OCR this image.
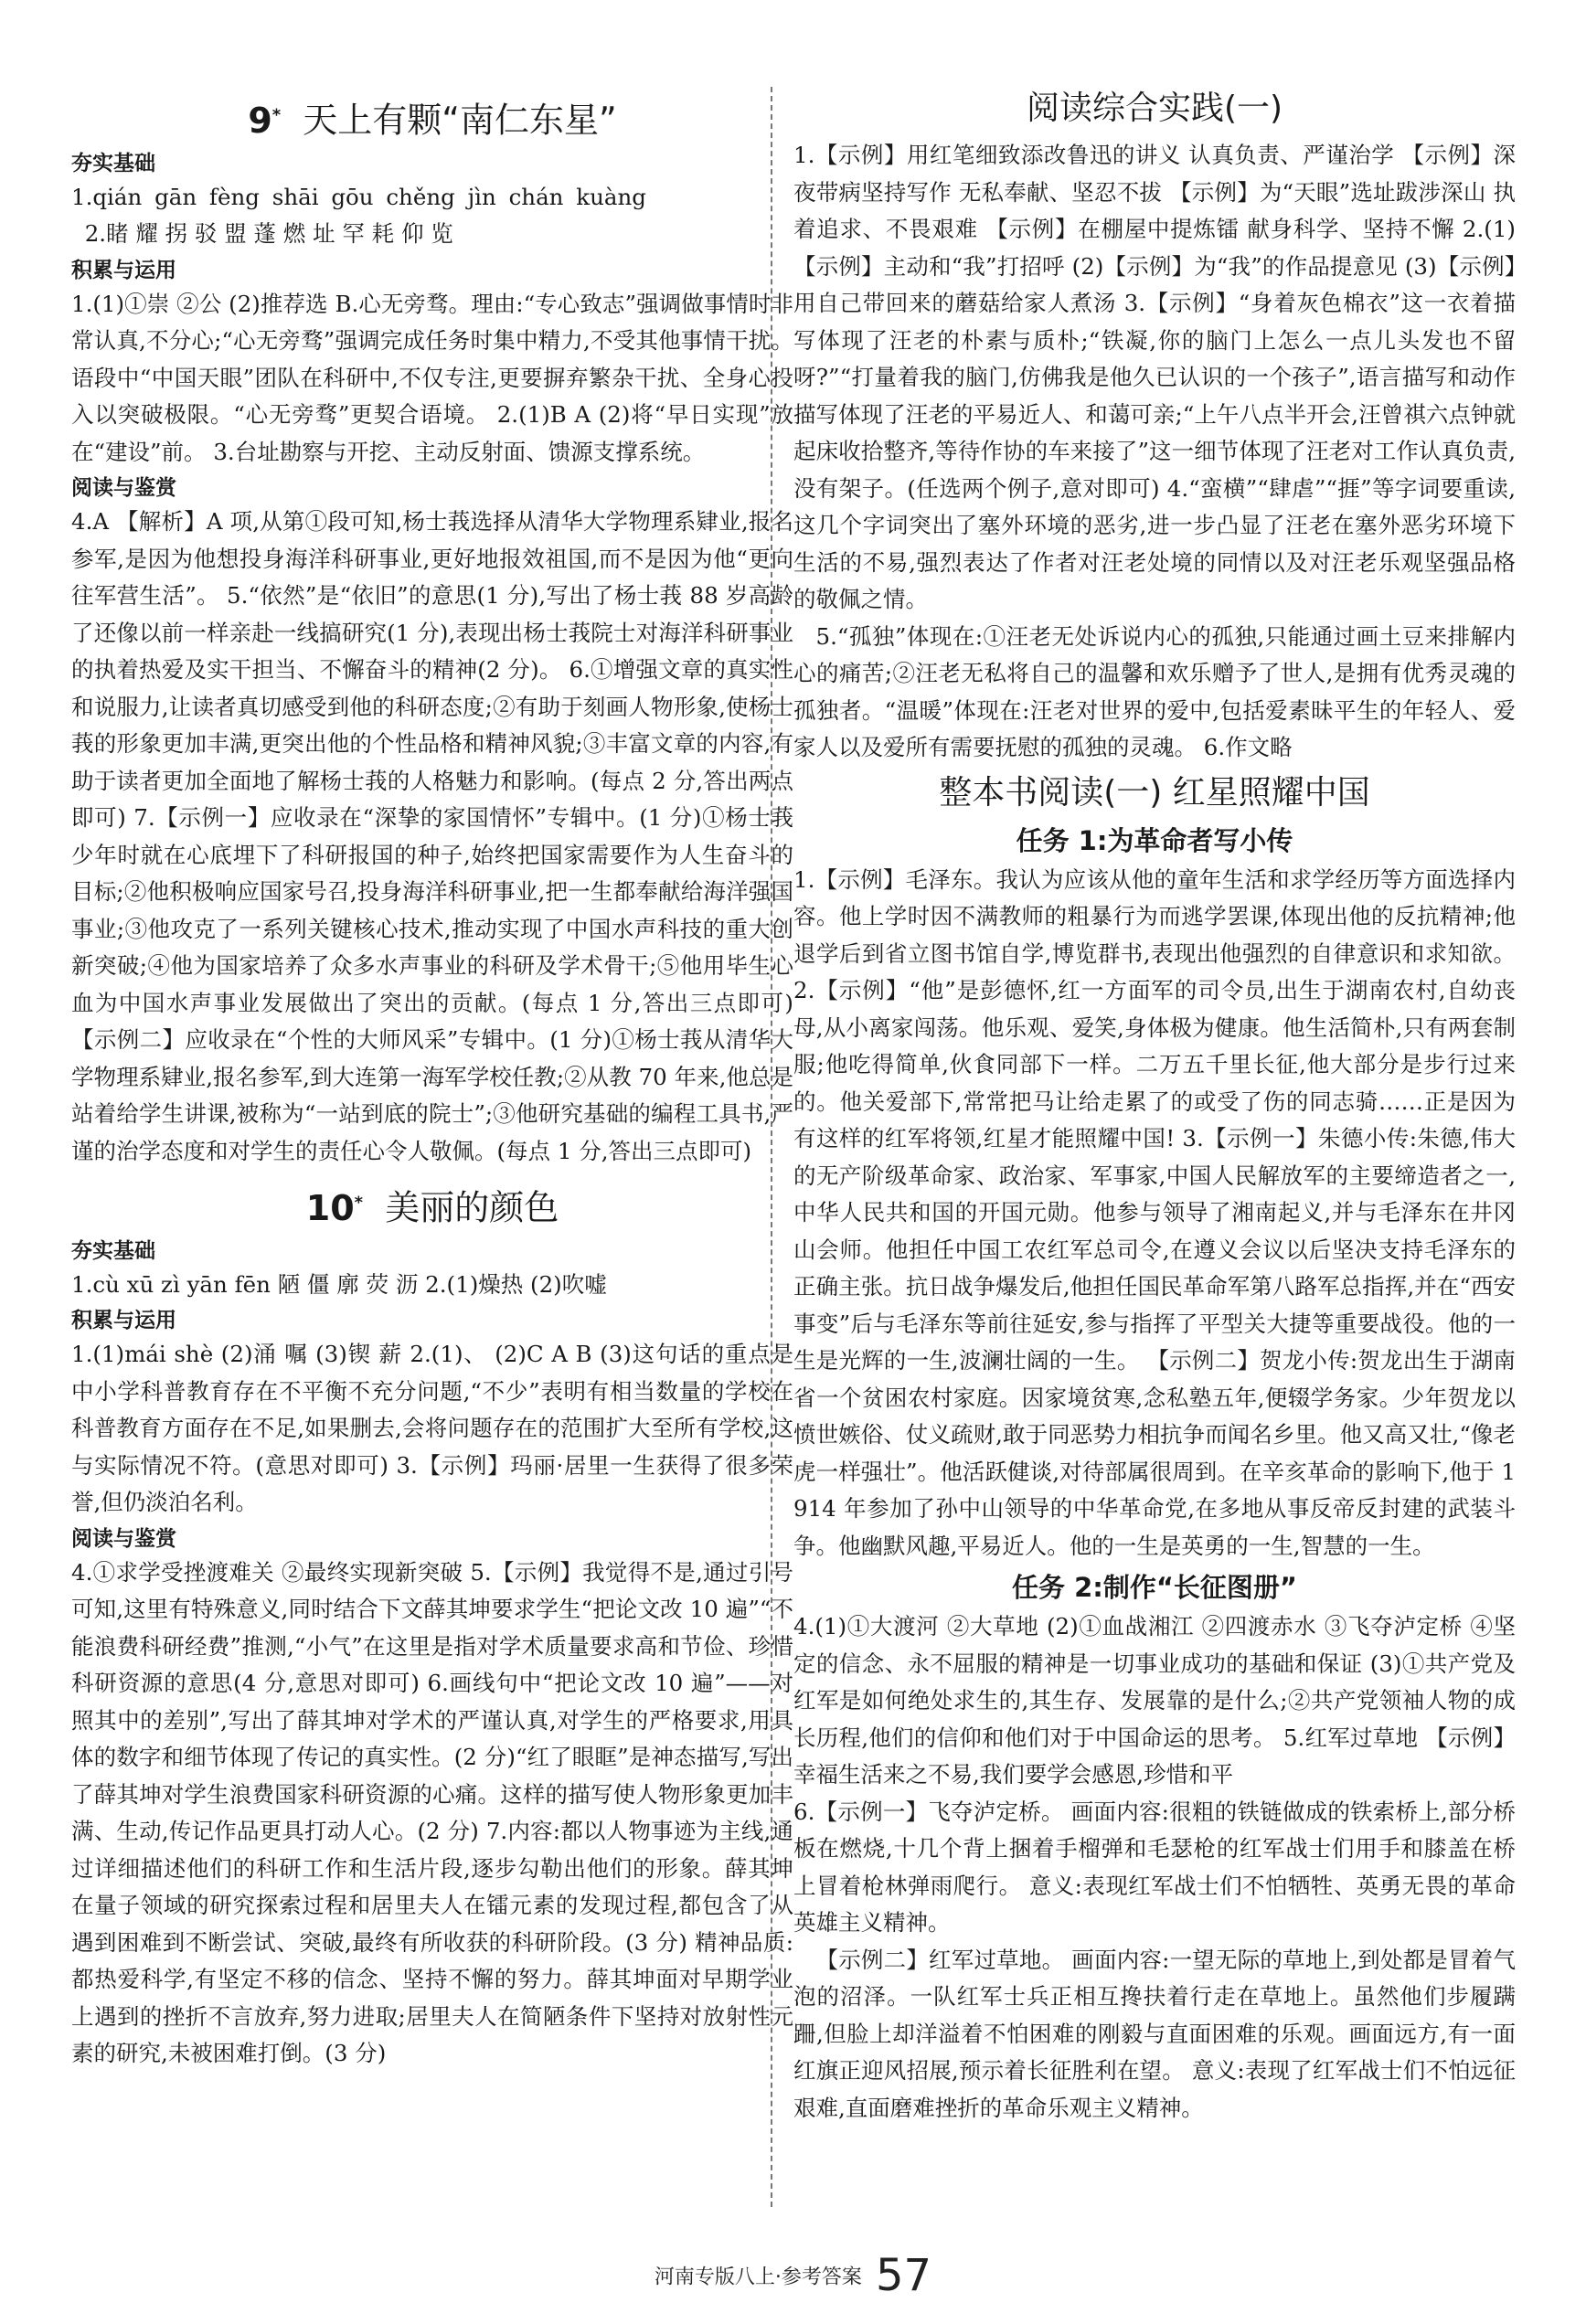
9* 天上有颗“南仁东星”
夯实基础

1.qián gān fèng shāi gōu chěng jìn chán kuàng

2.睹 耀 拐 驳 盟 蓬 燃 址 罕 耗 仰 览

积累与运用

1.(1)①崇 ②公 (2)推荐选 B.心无旁骛。理由:“专心致志”强调做事情时非常认真,不分心;“心无旁骛”强调完成任务时集中精力,不受其他事情干扰。语段中“中国天眼”团队在科研中,不仅专注,更要摒弃繁杂干扰、全身心投入以突破极限。“心无旁骛”更契合语境。 2.(1)B A (2)将“早日实现”放在“建设”前。 3.台址勘察与开挖、主动反射面、馈源支撑系统。

阅读与鉴赏

4.A 【解析】A 项,从第①段可知,杨士莪选择从清华大学物理系肄业,报名参军,是因为他想投身海洋科研事业,更好地报效祖国,而不是因为他“更向往军营生活”。 5.“依然”是“依旧”的意思(1 分),写出了杨士莪 88 岁高龄了还像以前一样亲赴一线搞研究(1 分),表现出杨士莪院士对海洋科研事业的执着热爱及实干担当、不懈奋斗的精神(2 分)。 6.①增强文章的真实性和说服力,让读者真切感受到他的科研态度;②有助于刻画人物形象,使杨士莪的形象更加丰满,更突出他的个性品格和精神风貌;③丰富文章的内容,有助于读者更加全面地了解杨士莪的人格魅力和影响。(每点 2 分,答出两点即可) 7.【示例一】应收录在“深挚的家国情怀”专辑中。(1 分)①杨士莪少年时就在心底埋下了科研报国的种子,始终把国家需要作为人生奋斗的目标;②他积极响应国家号召,投身海洋科研事业,把一生都奉献给海洋强国事业;③他攻克了一系列关键核心技术,推动实现了中国水声科技的重大创新突破;④他为国家培养了众多水声事业的科研及学术骨干;⑤他用毕生心血为中国水声事业发展做出了突出的贡献。(每点 1 分,答出三点即可) 【示例二】应收录在“个性的大师风采”专辑中。(1 分)①杨士莪从清华大学物理系肄业,报名参军,到大连第一海军学校任教;②从教 70 年来,他总是站着给学生讲课,被称为“一站到底的院士”;③他研究基础的编程工具书,严谨的治学态度和对学生的责任心令人敬佩。(每点 1 分,答出三点即可)

10* 美丽的颜色
夯实基础

1.cù xū zì yān fēn 陋 僵 廓 荧 沥 2.(1)燥热 (2)吹嘘

积累与运用

1.(1)mái shè (2)涌 嘱 (3)锲 薪 2.(1)、 (2)C A B (3)这句话的重点是中小学科普教育存在不平衡不充分问题,“不少”表明有相当数量的学校在科普教育方面存在不足,如果删去,会将问题存在的范围扩大至所有学校,这与实际情况不符。(意思对即可) 3.【示例】玛丽·居里一生获得了很多荣誉,但仍淡泊名利。

阅读与鉴赏

4.①求学受挫渡难关 ②最终实现新突破 5.【示例】我觉得不是,通过引号可知,这里有特殊意义,同时结合下文薛其坤要求学生“把论文改 10 遍”“不能浪费科研经费”推测,“小气”在这里是指对学术质量要求高和节俭、珍惜科研资源的意思(4 分,意思对即可) 6.画线句中“把论文改 10 遍”——对照其中的差别”,写出了薛其坤对学术的严谨认真,对学生的严格要求,用具体的数字和细节体现了传记的真实性。(2 分)“红了眼眶”是神态描写,写出了薛其坤对学生浪费国家科研资源的心痛。这样的描写使人物形象更加丰满、生动,传记作品更具打动人心。(2 分) 7.内容:都以人物事迹为主线,通过详细描述他们的科研工作和生活片段,逐步勾勒出他们的形象。薛其坤在量子领域的研究探索过程和居里夫人在镭元素的发现过程,都包含了从遇到困难到不断尝试、突破,最终有所收获的科研阶段。(3 分) 精神品质:都热爱科学,有坚定不移的信念、坚持不懈的努力。薛其坤面对早期学业上遇到的挫折不言放弃,努力进取;居里夫人在简陋条件下坚持对放射性元素的研究,未被困难打倒。(3 分)

阅读综合实践(一)

1.【示例】用红笔细致添改鲁迅的讲义 认真负责、严谨治学 【示例】深夜带病坚持写作 无私奉献、坚忍不拔 【示例】为“天眼”选址跋涉深山 执着追求、不畏艰难 【示例】在棚屋中提炼镭 献身科学、坚持不懈 2.(1)【示例】主动和“我”打招呼 (2)【示例】为“我”的作品提意见 (3)【示例】用自己带回来的蘑菇给家人煮汤 3.【示例】“身着灰色棉衣”这一衣着描写体现了汪老的朴素与质朴;“铁凝,你的脑门上怎么一点儿头发也不留呀?”“打量着我的脑门,仿佛我是他久已认识的一个孩子”,语言描写和动作描写体现了汪老的平易近人、和蔼可亲;“上午八点半开会,汪曾祺六点钟就起床收拾整齐,等待作协的车来接了”这一细节体现了汪老对工作认真负责,没有架子。(任选两个例子,意对即可) 4.“蛮横”“肆虐”“捱”等字词要重读,这几个字词突出了塞外环境的恶劣,进一步凸显了汪老在塞外恶劣环境下生活的不易,强烈表达了作者对汪老处境的同情以及对汪老乐观坚强品格的敬佩之情。

5.“孤独”体现在:①汪老无处诉说内心的孤独,只能通过画土豆来排解内心的痛苦;②汪老无私将自己的温馨和欢乐赠予了世人,是拥有优秀灵魂的孤独者。“温暖”体现在:汪老对世界的爱中,包括爱素昧平生的年轻人、爱家人以及爱所有需要抚慰的孤独的灵魂。 6.作文略

整本书阅读(一) 红星照耀中国
任务 1:为革命者写小传

1.【示例】毛泽东。我认为应该从他的童年生活和求学经历等方面选择内容。他上学时因不满教师的粗暴行为而逃学罢课,体现出他的反抗精神;他退学后到省立图书馆自学,博览群书,表现出他强烈的自律意识和求知欲。 2.【示例】“他”是彭德怀,红一方面军的司令员,出生于湖南农村,自幼丧母,从小离家闯荡。他乐观、爱笑,身体极为健康。他生活简朴,只有两套制服;他吃得简单,伙食同部下一样。二万五千里长征,他大部分是步行过来的。他关爱部下,常常把马让给走累了的或受了伤的同志骑……正是因为有这样的红军将领,红星才能照耀中国! 3.【示例一】朱德小传:朱德,伟大的无产阶级革命家、政治家、军事家,中国人民解放军的主要缔造者之一,中华人民共和国的开国元勋。他参与领导了湘南起义,并与毛泽东在井冈山会师。他担任中国工农红军总司令,在遵义会议以后坚决支持毛泽东的正确主张。抗日战争爆发后,他担任国民革命军第八路军总指挥,并在“西安事变”后与毛泽东等前往延安,参与指挥了平型关大捷等重要战役。他的一生是光辉的一生,波澜壮阔的一生。 【示例二】贺龙小传:贺龙出生于湖南省一个贫困农村家庭。因家境贫寒,念私塾五年,便辍学务家。少年贺龙以愤世嫉俗、仗义疏财,敢于同恶势力相抗争而闻名乡里。他又高又壮,“像老虎一样强壮”。他活跃健谈,对待部属很周到。在辛亥革命的影响下,他于 1914 年参加了孙中山领导的中华革命党,在多地从事反帝反封建的武装斗争。他幽默风趣,平易近人。他的一生是英勇的一生,智慧的一生。

任务 2:制作“长征图册”

4.(1)①大渡河 ②大草地 (2)①血战湘江 ②四渡赤水 ③飞夺泸定桥 ④坚定的信念、永不屈服的精神是一切事业成功的基础和保证 (3)①共产党及红军是如何绝处求生的,其生存、发展靠的是什么;②共产党领袖人物的成长历程,他们的信仰和他们对于中国命运的思考。 5.红军过草地 【示例】幸福生活来之不易,我们要学会感恩,珍惜和平

6.【示例一】飞夺泸定桥。 画面内容:很粗的铁链做成的铁索桥上,部分桥板在燃烧,十几个背上捆着手榴弹和毛瑟枪的红军战士们用手和膝盖在桥上冒着枪林弹雨爬行。 意义:表现红军战士们不怕牺牲、英勇无畏的革命英雄主义精神。

【示例二】红军过草地。 画面内容:一望无际的草地上,到处都是冒着气泡的沼泽。一队红军士兵正相互搀扶着行走在草地上。虽然他们步履蹒跚,但脸上却洋溢着不怕困难的刚毅与直面困难的乐观。画面远方,有一面红旗正迎风招展,预示着长征胜利在望。 意义:表现了红军战士们不怕远征艰难,直面磨难挫折的革命乐观主义精神。

河南专版八上·参考答案 57
